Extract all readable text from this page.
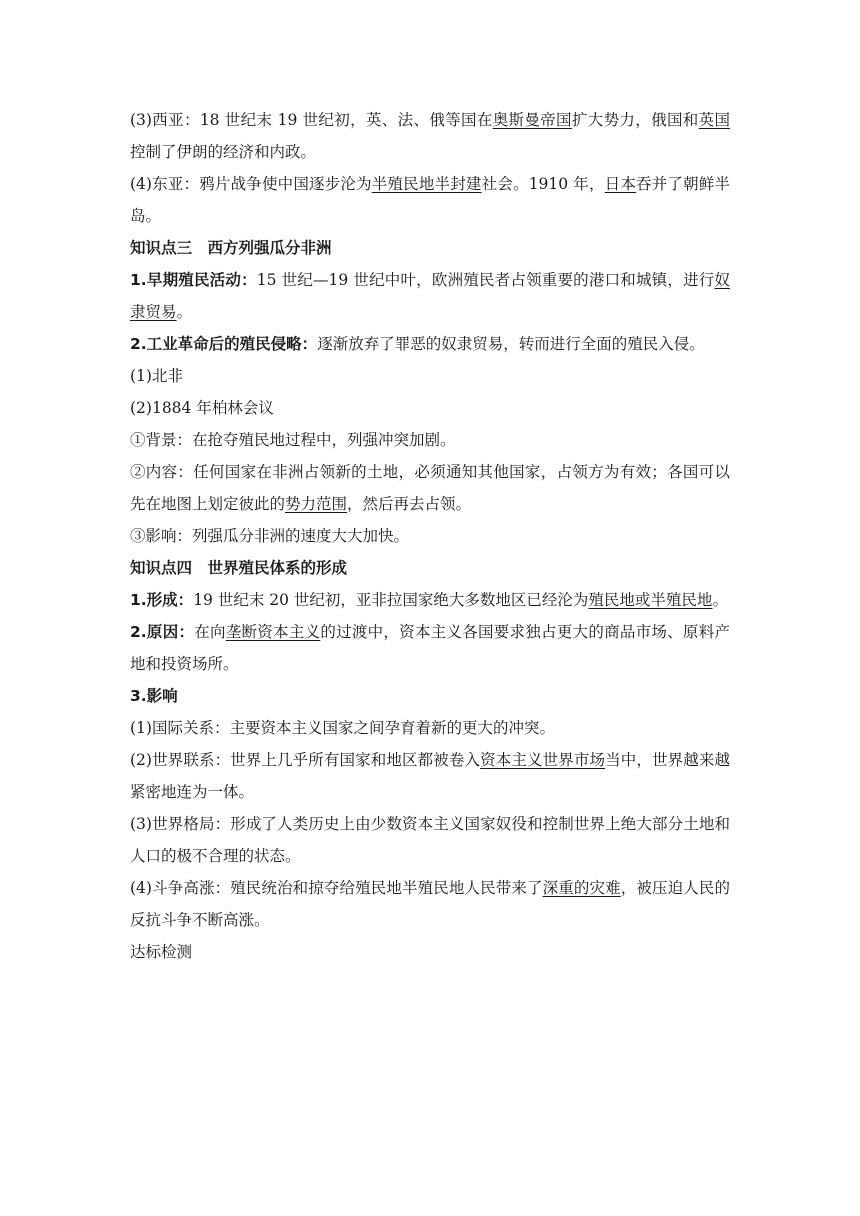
(3)西亚：18 世纪末 19 世纪初，英、法、俄等国在奥斯曼帝国扩大势力，俄国和英国控制了伊朗的经济和内政。

(4)东亚：鸦片战争使中国逐步沦为半殖民地半封建社会。1910 年，日本吞并了朝鲜半岛。

知识点三　西方列强瓜分非洲

1.早期殖民活动：15 世纪—19 世纪中叶，欧洲殖民者占领重要的港口和城镇，进行奴隶贸易。

2.工业革命后的殖民侵略：逐渐放弃了罪恶的奴隶贸易，转而进行全面的殖民入侵。

(1)北非

(2)1884 年柏林会议

①背景：在抢夺殖民地过程中，列强冲突加剧。

②内容：任何国家在非洲占领新的土地，必须通知其他国家，占领方为有效；各国可以先在地图上划定彼此的势力范围，然后再去占领。

③影响：列强瓜分非洲的速度大大加快。

知识点四　世界殖民体系的形成

1.形成：19 世纪末 20 世纪初，亚非拉国家绝大多数地区已经沦为殖民地或半殖民地。

2.原因：在向垄断资本主义的过渡中，资本主义各国要求独占更大的商品市场、原料产地和投资场所。

3.影响

(1)国际关系：主要资本主义国家之间孕育着新的更大的冲突。

(2)世界联系：世界上几乎所有国家和地区都被卷入资本主义世界市场当中，世界越来越紧密地连为一体。

(3)世界格局：形成了人类历史上由少数资本主义国家奴役和控制世界上绝大部分土地和人口的极不合理的状态。

(4)斗争高涨：殖民统治和掠夺给殖民地半殖民地人民带来了深重的灾难，被压迫人民的反抗斗争不断高涨。

达标检测
